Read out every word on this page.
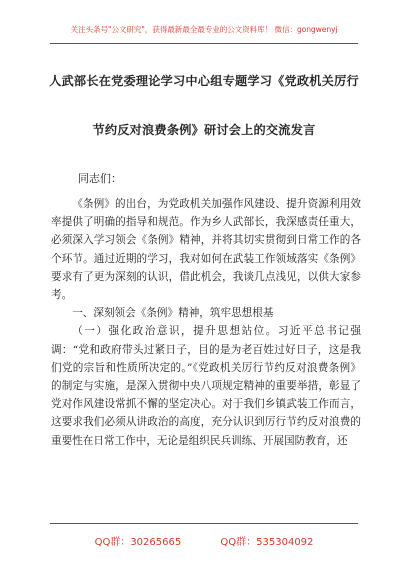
关注头条号"公文研究"，获得最新最全最专业的公文资料库！ 微信：gongwenyj
人武部长在党委理论学习中心组专题学习《党政机关厉行
节约反对浪费条例》研讨会上的交流发言
同志们：

《条例》的出台，为党政机关加强作风建设、提升资源利用效率提供了明确的指导和规范。作为乡人武部长，我深感责任重大，必须深入学习领会《条例》精神，并将其切实贯彻到日常工作的各个环节。通过近期的学习，我对如何在武装工作领域落实《条例》要求有了更为深刻的认识，借此机会，我谈几点浅见，以供大家参考。

一、深刻领会《条例》精神，筑牢思想根基

（一）强化政治意识，提升思想站位。习近平总书记强调：“党和政府带头过紧日子，目的是为老百姓过好日子，这是我们党的宗旨和性质所决定的。”《党政机关厉行节约反对浪费条例》的制定与实施，是深入贯彻中央八项规定精神的重要举措，彰显了党对作风建设常抓不懈的坚定决心。对于我们乡镇武装工作而言，这要求我们必须从讲政治的高度，充分认识到厉行节约反对浪费的重要性在日常工作中，无论是组织民兵训练、开展国防教育，还

QQ群：30265665	QQ群：535304092
